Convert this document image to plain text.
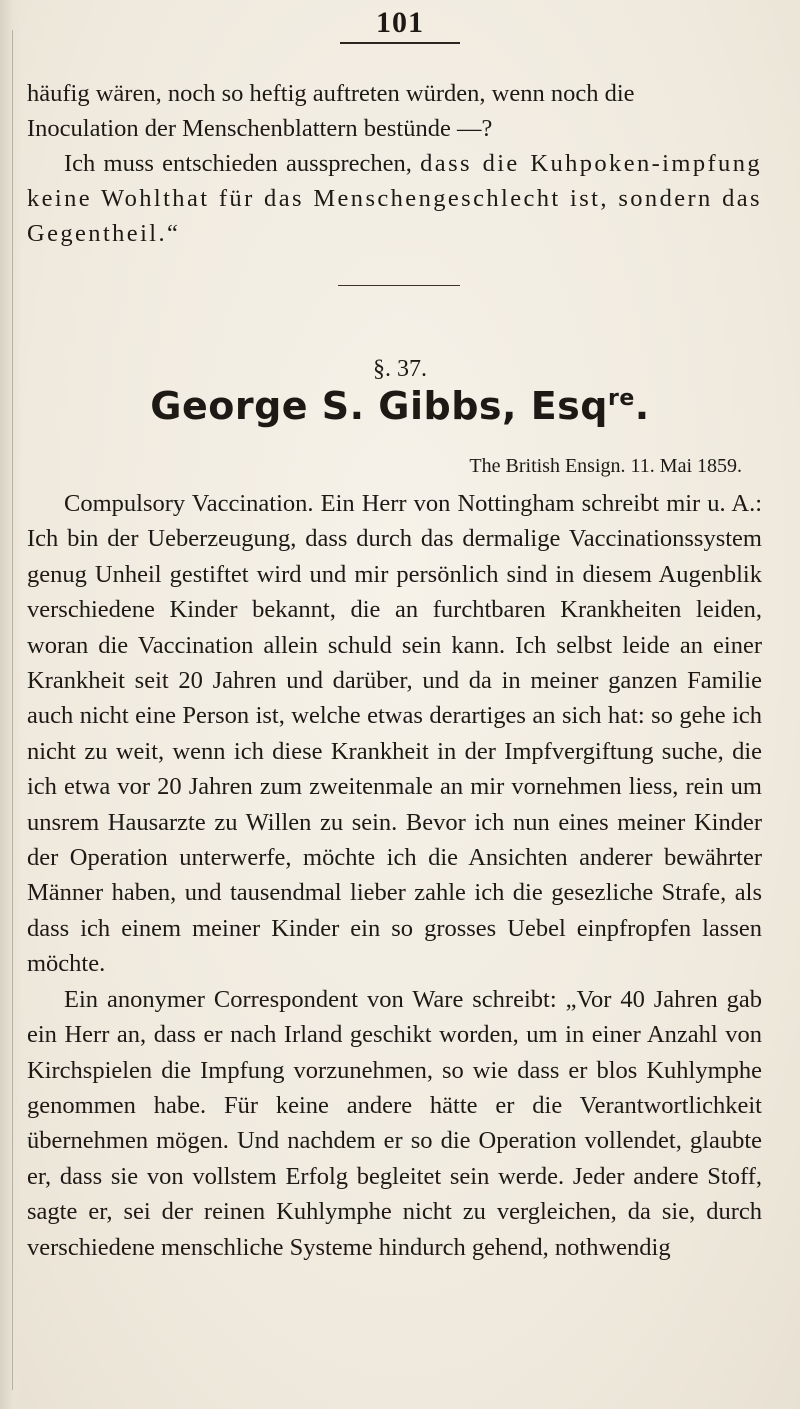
101
häufig wären, noch so heftig auftreten würden, wenn noch die
Inoculation der Menschenblattern bestünde —?
Ich muss entschieden aussprechen, dass die Kuhpoken-impfung keine Wohlthat für das Menschengeschlecht ist, sondern das Gegentheil.“
§. 37.
George S. Gibbs, Esq$^{re}$.
The British Ensign. 11. Mai 1859.
Compulsory Vaccination. Ein Herr von Nottingham schreibt mir u. A.: Ich bin der Ueberzeugung, dass durch das dermalige Vaccinationssystem genug Unheil gestiftet wird und mir persönlich sind in diesem Augenblik verschiedene Kinder bekannt, die an furchtbaren Krankheiten leiden, woran die Vaccination allein schuld sein kann. Ich selbst leide an einer Krankheit seit 20 Jahren und darüber, und da in meiner ganzen Familie auch nicht eine Person ist, welche etwas derartiges an sich hat: so gehe ich nicht zu weit, wenn ich diese Krankheit in der Impfvergiftung suche, die ich etwa vor 20 Jahren zum zweitenmale an mir vornehmen liess, rein um unsrem Hausarzte zu Willen zu sein. Bevor ich nun eines meiner Kinder der Operation unterwerfe, möchte ich die Ansichten anderer bewährter Männer haben, und tausendmal lieber zahle ich die gesezliche Strafe, als dass ich einem meiner Kinder ein so grosses Uebel einpfropfen lassen möchte.
Ein anonymer Correspondent von Ware schreibt: „Vor 40 Jahren gab ein Herr an, dass er nach Irland geschikt worden, um in einer Anzahl von Kirchspielen die Impfung vorzunehmen, so wie dass er blos Kuhlymphe genommen habe. Für keine andere hätte er die Verantwortlichkeit übernehmen mögen. Und nachdem er so die Operation vollendet, glaubte er, dass sie von vollstem Erfolg begleitet sein werde. Jeder andere Stoff, sagte er, sei der reinen Kuhlymphe nicht zu vergleichen, da sie, durch verschiedene menschliche Systeme hindurch gehend, nothwendig
